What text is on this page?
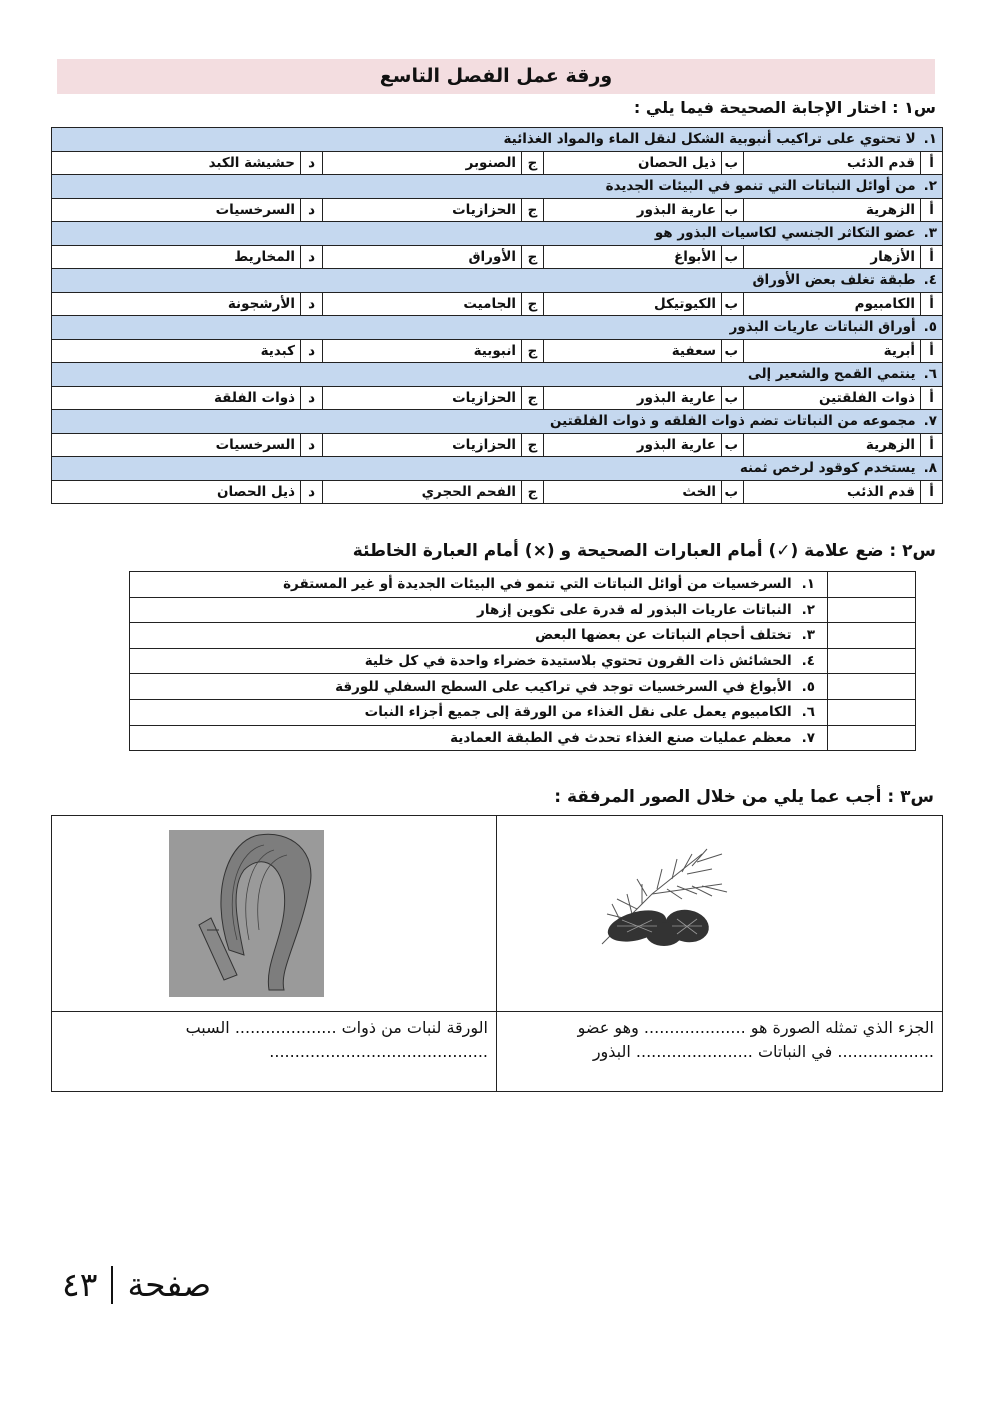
ورقة عمل الفصل التاسع
س١ : اختار الإجابة الصحيحة فيما يلي :
١.لا تحتوي على تراكيب أنبوبية الشكل لنقل الماء والمواد الغذائية							
أ	قدم الذئب	ب	ذيل الحصان	ج	الصنوبر	د	حشيشة الكبد
٢.من أوائل النباتات التي تنمو في البيئات الجديدة							
أ	الزهرية	ب	عارية البذور	ج	الحزازيات	د	السرخسيات
٣.عضو التكاثر الجنسي لكاسيات البذور هو							
أ	الأزهار	ب	الأبواغ	ج	الأوراق	د	المخاريط
٤.طبقة تغلف بعض الأوراق							
أ	الكامبيوم	ب	الكيوتيكل	ج	الجاميت	د	الأرشجونة
٥.أوراق النباتات عاريات البذور							
أ	أبرية	ب	سعفية	ج	انبوبية	د	كبدية
٦.ينتمي القمح والشعير إلى							
أ	ذوات الفلقتين	ب	عارية البذور	ج	الحزازيات	د	ذوات الفلقة
٧.مجموعه من النباتات تضم ذوات الفلقه و ذوات الفلقتين							
أ	الزهرية	ب	عارية البذور	ج	الحزازيات	د	السرخسيات
٨.يستخدم كوقود لرخص ثمنه							
أ	قدم الذئب	ب	الخث	ج	الفحم الحجري	د	ذيل الحصان
س٢ : ضع علامة (✓) أمام العبارات الصحيحة و (×) أمام العبارة الخاطئة
	١.السرخسيات من أوائل النباتات التي تنمو في البيئات الجديدة أو غير المستقرة
	٢.النباتات عاريات البذور له قدرة على تكوين إزهار
	٣.تختلف أحجام النباتات عن بعضها البعض
	٤.الحشائش ذات القرون تحتوي بلاستيدة خضراء واحدة في كل خلية
	٥.الأبواغ في السرخسيات توجد في تراكيب على السطح السفلي للورقة
	٦.الكامبيوم يعمل على نقل الغذاء من الورقة إلى جميع أجزاء النبات
	٧.معظم عمليات صنع الغذاء تحدث في الطبقة العمادية
س٣ : أجب عما يلي من خلال الصور المرفقة :

الجزء الذي تمثله الصورة هو .................... وهو عضو ................... في النباتات ....................... البذور	الورقة لنبات من ذوات .................... السبب ...........................................
صفحة
٤٣
